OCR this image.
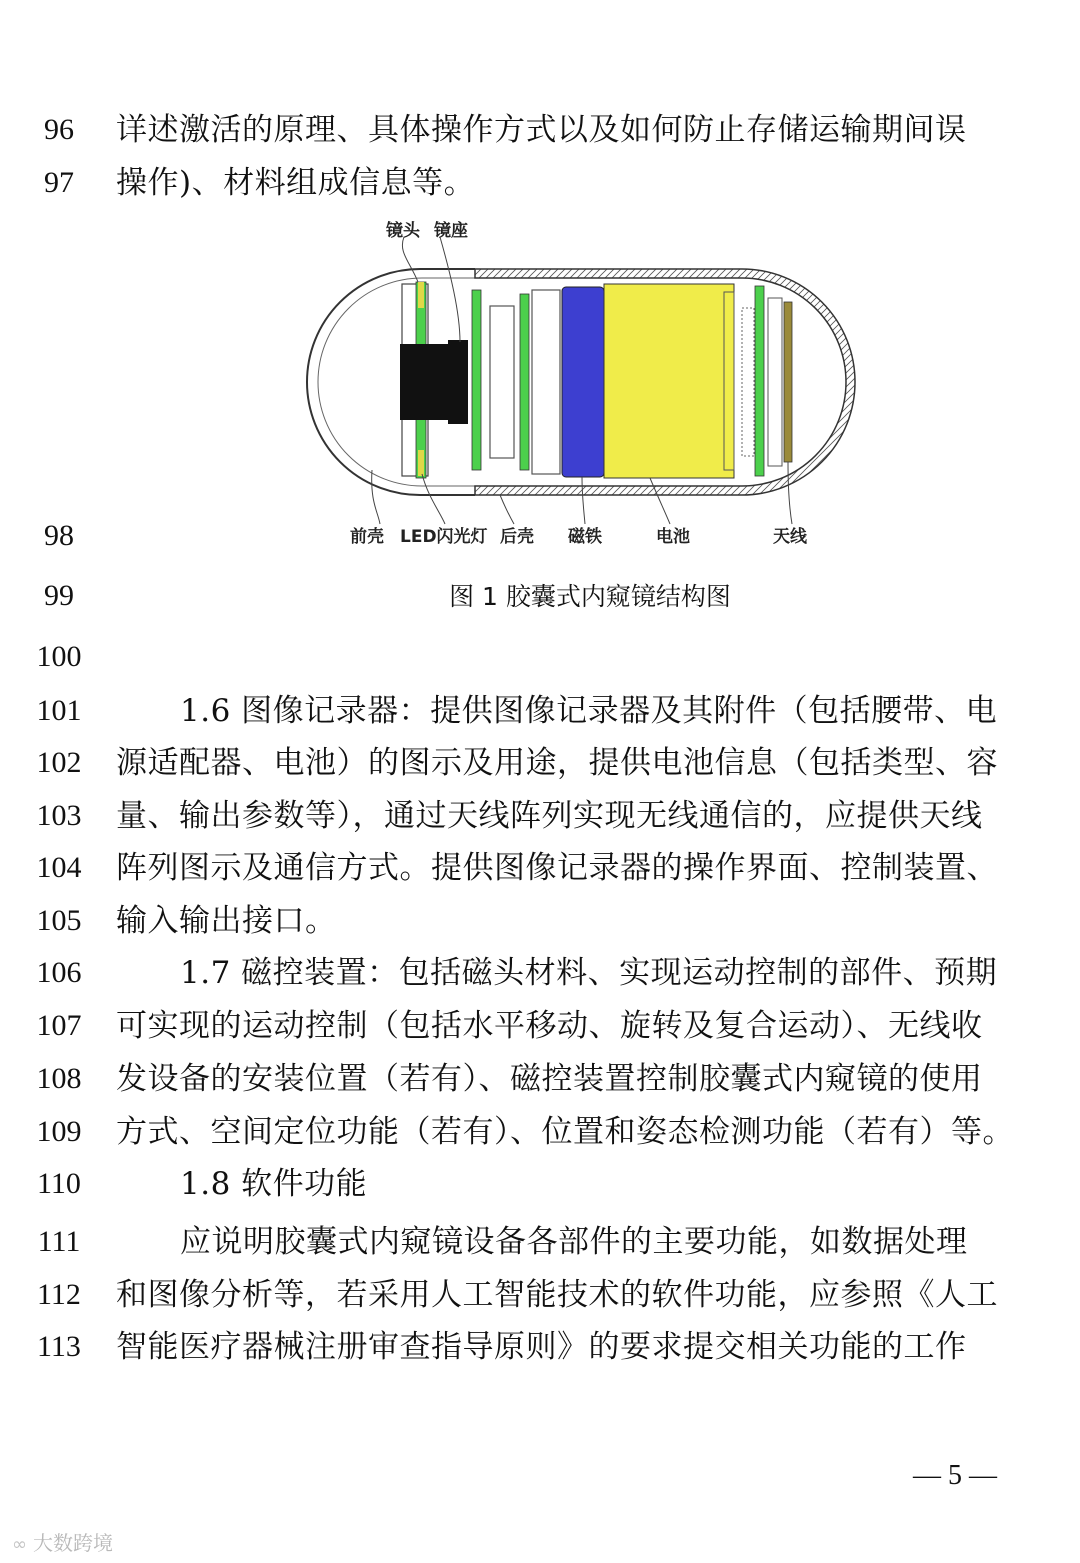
96	详述激活的原理、具体操作方式以及如何防止存储运输期间误
97	操作)、材料组成信息等。
镜头 镜座
前壳 LED闪光灯 后壳 磁铁	电池	天线
98
99	图 1 胶囊式内窥镜结构图
100
101	1.6 图像记录器：提供图像记录器及其附件（包括腰带、电
102 源适配器、电池）的图示及用途，提供电池信息（包括类型、容
103 量、输出参数等），通过天线阵列实现无线通信的，应提供天线
104 阵列图示及通信方式。提供图像记录器的操作界面、控制装置、
105 输入输出接口。
106	1.7 磁控装置：包括磁头材料、实现运动控制的部件、预期
107 可实现的运动控制（包括水平移动、旋转及复合运动）、无线收
108 发设备的安装位置（若有）、磁控装置控制胶囊式内窥镜的使用
109 方式、空间定位功能（若有）、位置和姿态检测功能（若有）等。
110	1.8 软件功能
111	应说明胶囊式内窥镜设备各部件的主要功能，如数据处理
112 和图像分析等，若采用人工智能技术的软件功能，应参照《人工
113 智能医疗器械注册审查指导原则》的要求提交相关功能的工作
— 5 —
∞ 大数跨境
